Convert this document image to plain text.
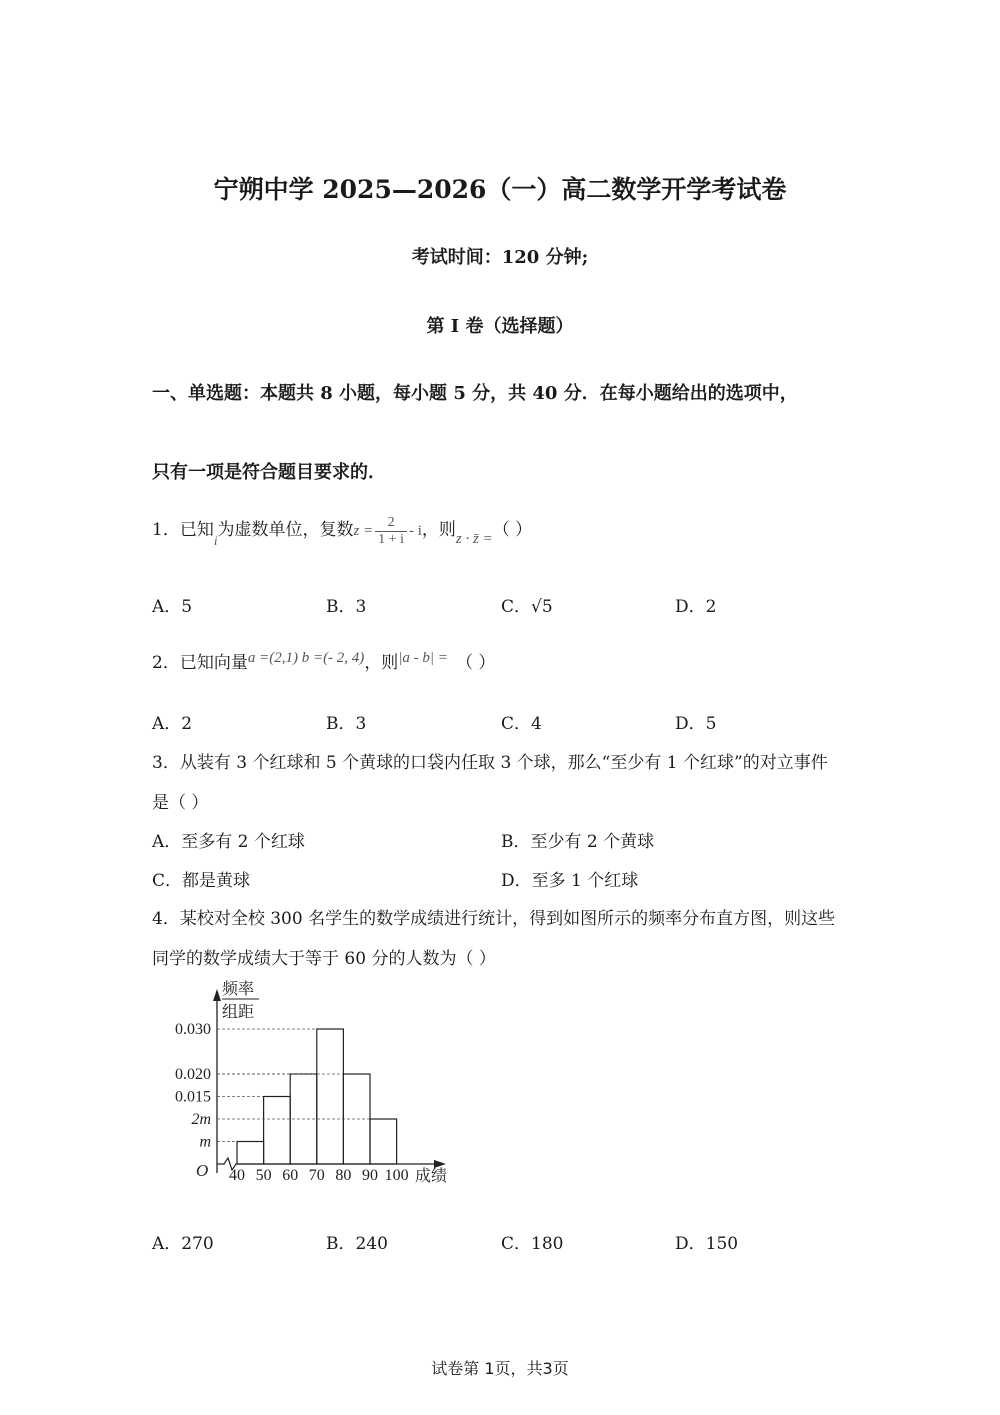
宁朔中学 2025—2026（一）高二数学开学考试卷
考试时间：120 分钟;
第 I 卷（选择题）
一、单选题：本题共 8 小题，每小题 5 分，共 40 分．在每小题给出的选项中，
只有一项是符合题目要求的．
1．已知$_i$为虚数单位，复数$z = \frac{2}{1 + i} - i$，则z · z̄ =（ ）
A．5	B．3	C．√5	D．2
2．已知向量a =(2,1) b =(- 2, 4)，则|a - b| = （ ）
A．2	B．3	C．4	D．5
3．从装有 3 个红球和 5 个黄球的口袋内任取 3 个球，那么“至少有 1 个红球”的对立事件
是（ ）
A．至多有 2 个红球	B．至少有 2 个黄球
C．都是黄球	D．至多 1 个红球
4．某校对全校 300 名学生的数学成绩进行统计，得到如图所示的频率分布直方图，则这些
同学的数学成绩大于等于 60 分的人数为（ ）
0.030
0.020
0.015
2m
m
40 50 60 70 80 90 100
O
频率
组距
成绩
A．270	B．240	C．180	D．150
试卷第 1页，共3页
